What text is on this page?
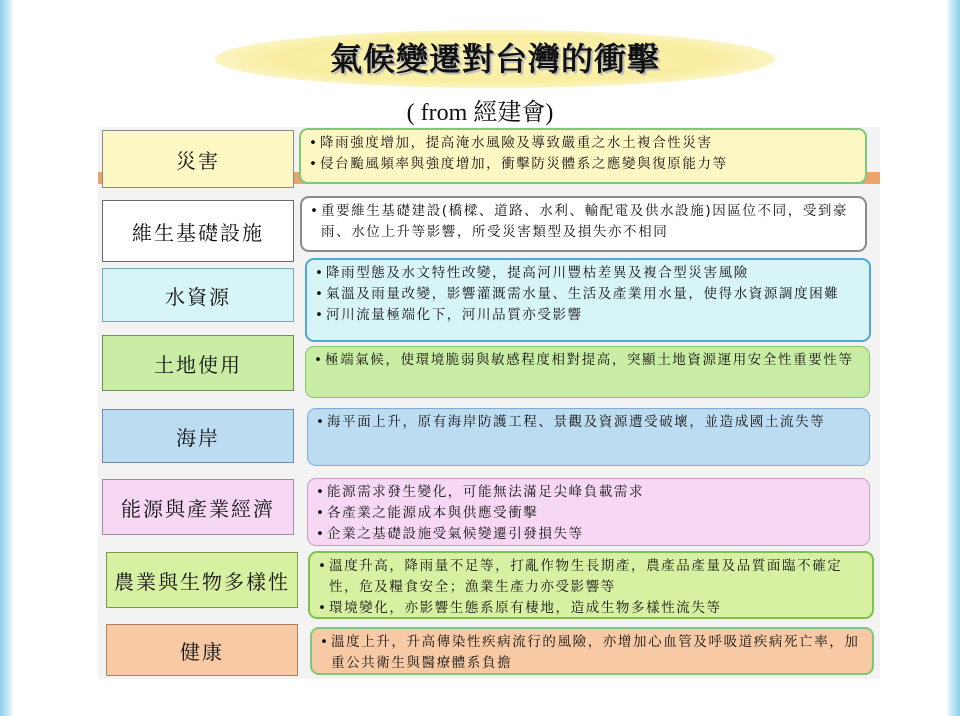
氣候變遷對台灣的衝擊
( from 經建會)
災害
• 降雨強度增加，提高淹水風險及導致嚴重之水土複合性災害
• 侵台颱風頻率與強度增加，衝擊防災體系之應變與復原能力等
維生基礎設施
• 重要維生基礎建設(橋樑、道路、水利、輸配電及供水設施)因區位不同，受到豪雨、水位上升等影響，所受災害類型及損失亦不相同
水資源
• 降雨型態及水文特性改變，提高河川豐枯差異及複合型災害風險
• 氣溫及雨量改變，影響灌溉需水量、生活及產業用水量，使得水資源調度困難
• 河川流量極端化下，河川品質亦受影響
土地使用	• 極端氣候，使環境脆弱與敏感程度相對提高，突顯土地資源運用安全性重要性等
海岸
• 海平面上升，原有海岸防護工程、景觀及資源遭受破壞，並造成國土流失等
能源與產業經濟
• 能源需求發生變化，可能無法滿足尖峰負載需求
• 各產業之能源成本與供應受衝擊
• 企業之基礎設施受氣候變遷引發損失等
農業與生物多樣性
• 溫度升高，降雨量不足等，打亂作物生長期產，農產品產量及品質面臨不確定性，危及糧食安全；漁業生產力亦受影響等
• 環境變化，亦影響生態系原有棲地，造成生物多樣性流失等
健康	• 溫度上升，升高傳染性疾病流行的風險，亦增加心血管及呼吸道疾病死亡率，加重公共衛生與醫療體系負擔
